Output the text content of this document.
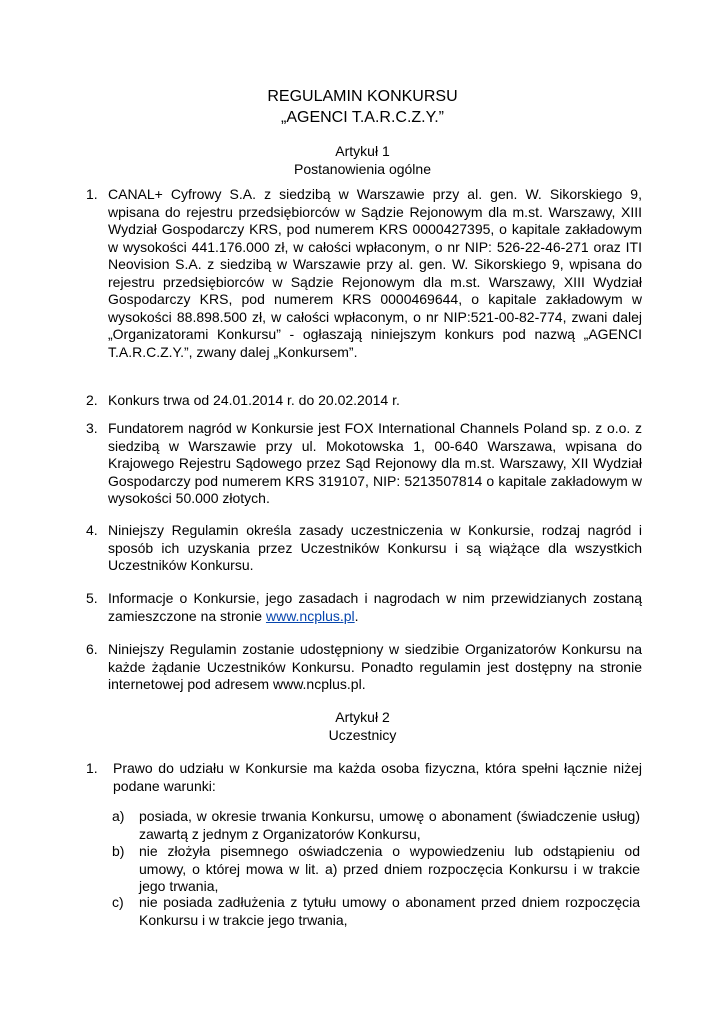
REGULAMIN KONKURSU
„AGENCI T.A.R.C.Z.Y.”
Artykuł 1
Postanowienia ogólne
1. CANAL+ Cyfrowy S.A. z siedzibą w Warszawie przy al. gen. W. Sikorskiego 9, wpisana do rejestru przedsiębiorców w Sądzie Rejonowym dla m.st. Warszawy, XIII Wydział Gospodarczy KRS, pod numerem KRS 0000427395, o kapitale zakładowym w wysokości 441.176.000 zł, w całości wpłaconym, o nr NIP: 526-22-46-271 oraz ITI Neovision S.A. z siedzibą w Warszawie przy al. gen. W. Sikorskiego 9, wpisana do rejestru przedsiębiorców w Sądzie Rejonowym dla m.st. Warszawy, XIII Wydział Gospodarczy KRS, pod numerem KRS 0000469644, o kapitale zakładowym w wysokości 88.898.500 zł, w całości wpłaconym, o nr NIP:521-00-82-774, zwani dalej „Organizatorami Konkursu” - ogłaszają niniejszym konkurs pod nazwą „AGENCI T.A.R.C.Z.Y.”, zwany dalej „Konkursem”.
2. Konkurs trwa od 24.01.2014 r. do 20.02.2014 r.
3. Fundatorem nagród w Konkursie jest FOX International Channels Poland sp. z o.o. z siedzibą w Warszawie przy ul. Mokotowska 1, 00-640 Warszawa, wpisana do Krajowego Rejestru Sądowego przez Sąd Rejonowy dla m.st. Warszawy, XII Wydział Gospodarczy pod numerem KRS 319107, NIP: 5213507814 o kapitale zakładowym w wysokości 50.000 złotych.
4. Niniejszy Regulamin określa zasady uczestniczenia w Konkursie, rodzaj nagród i sposób ich uzyskania przez Uczestników Konkursu i są wiążące dla wszystkich Uczestników Konkursu.
5. Informacje o Konkursie, jego zasadach i nagrodach w nim przewidzianych zostaną zamieszczone na stronie www.ncplus.pl.
6. Niniejszy Regulamin zostanie udostępniony w siedzibie Organizatorów Konkursu na każde żądanie Uczestników Konkursu. Ponadto regulamin jest dostępny na stronie internetowej pod adresem www.ncplus.pl.
Artykuł 2
Uczestnicy
1. Prawo do udziału w Konkursie ma każda osoba fizyczna, która spełni łącznie niżej podane warunki:
a) posiada, w okresie trwania Konkursu, umowę o abonament (świadczenie usług) zawartą z jednym z Organizatorów Konkursu,
b) nie złożyła pisemnego oświadczenia o wypowiedzeniu lub odstąpieniu od umowy, o której mowa w lit. a) przed dniem rozpoczęcia Konkursu i w trakcie jego trwania,
c) nie posiada zadłużenia z tytułu umowy o abonament przed dniem rozpoczęcia Konkursu i w trakcie jego trwania,
